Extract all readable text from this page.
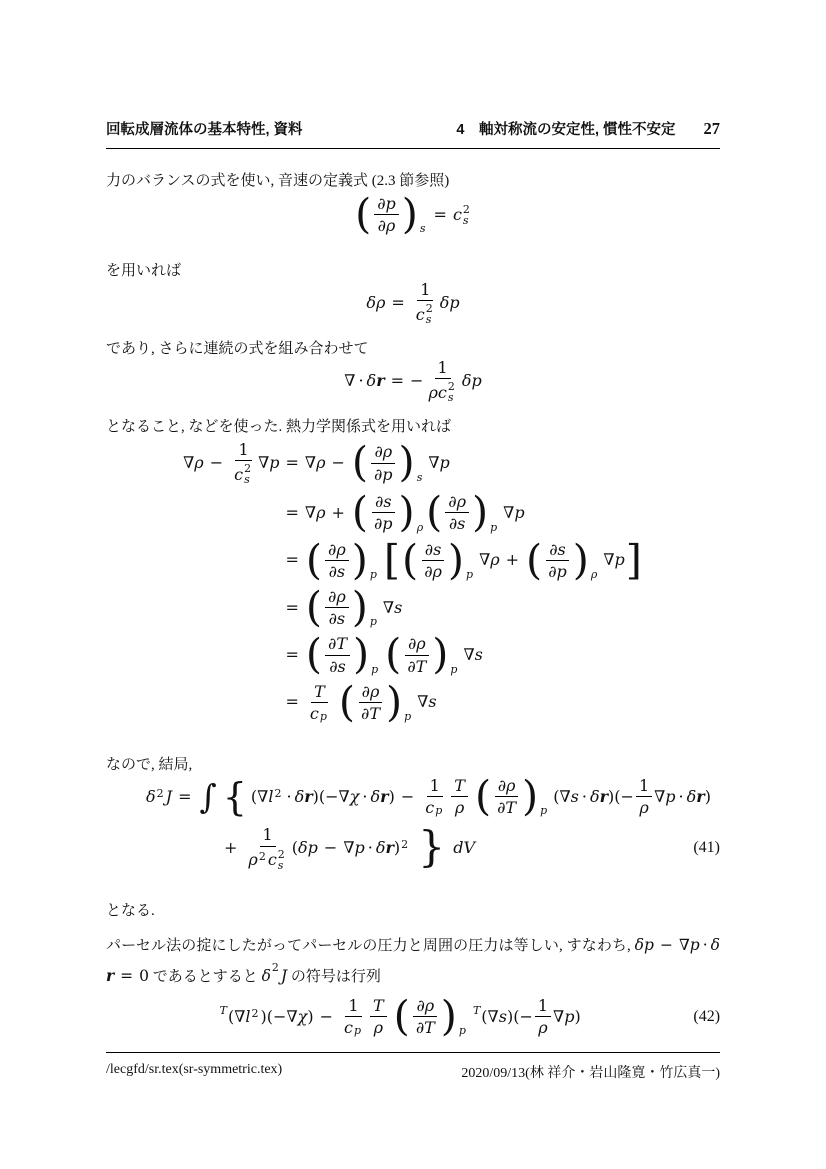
回転成層流体の基本特性, 資料	4　軸対称流の安定性, 慣性不安定 27

力のバランスの式を使い, 音速の定義式 (2.3 節参照)

( $\frac{\partial p}{\partial \rho}$ ) s
= c 2
s

を用いれば

δ ρ = 1
c 2
s δ p

であり, さらに連続の式を組み合わせて

∇ · δ r = − 1
ρ c 2
s δ p

となること, などを使った. 熱力学関係式を用いれば

∇ ρ − 1
c 2
s ∇ p = ∇ ρ − ( $\frac{\partial \rho}{\partial p}$ ) s
∇ p
= ∇ ρ + ( $\frac{\partial s}{\partial p}$ ) ρ ( $\frac{\partial \rho}{\partial s}$ ) p
∇ p
= ( $\frac{\partial \rho}{\partial s}$ ) p [ ( $\frac{\partial s}{\partial \rho}$ ) p
∇ ρ + ( $\frac{\partial s}{\partial p}$ ) ρ
∇ p ]
= ( $\frac{\partial \rho}{\partial s}$ ) p
∇ s
= ( $\frac{\partial T}{\partial s}$ ) p ( $\frac{\partial \rho}{\partial T}$ ) p
∇ s
= $\frac{T}{\text{c p}}$ ( $\frac{\partial \rho}{\partial T}$ ) p
∇ s

なので, 結局,

δ 2 J = ∫ { ( ∇ l 2 · δ r ) ( − ∇ χ · δ r ) − $\frac{1}{\text{c p}} \frac{T}{\rho}$ ( $\frac{\partial \rho}{\partial T}$ ) p
( ∇ s · δ r ) ( − $\frac{1}{\rho}$ ∇ p · δ r )
+ 1
ρ 2 c 2
s ( δ p − ∇ p · δ r ) 2 } d V	(41)

となる.

パーセル法の掟にしたがってパーセルの圧力と周囲の圧力は等しい, すなわち, δp − ∇p · δr = 0 であるとすると δ 2 J の符号は行列

T ( ∇ l 2 ) ( − ∇ χ ) − $\frac{1}{\text{c p}} \frac{T}{\rho}$ ( $\frac{\partial \rho}{\partial T}$ ) p
T ( ∇ s ) ( − $\frac{1}{\rho}$ ∇ p )	(42)
/lecgfd/sr.tex(sr-symmetric.tex)	2020/09/13(林 祥介・岩山隆寛・竹広真一)
